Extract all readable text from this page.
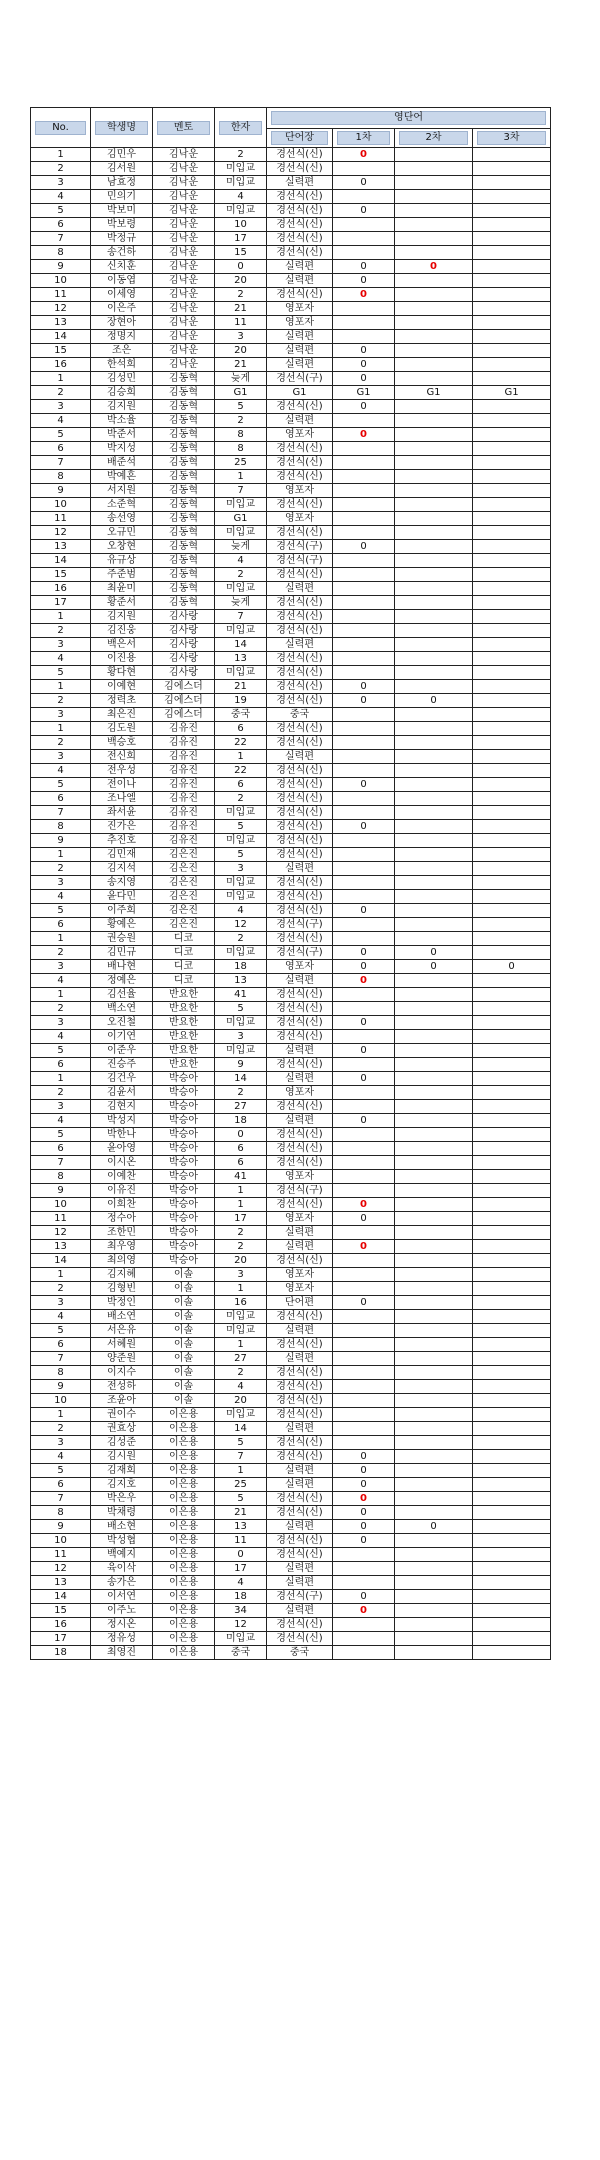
No.	학생명	멘토	한자	영단어			

				단어장	1차	2차	3차

1	김민우	김낙운	2	경선식(신)	0		
2	김서원	김낙운	미입교	경선식(신)			
3	남효정	김낙운	미입교	실력편	0		
4	민의기	김낙운	4	경선식(신)			
5	박보미	김낙운	미입교	경선식(신)	0		
6	박보령	김낙운	10	경선식(신)			
7	박정규	김낙운	17	경선식(신)			
8	송건하	김낙운	15	경선식(신)			
9	신치훈	김낙운	0	실력편	0	0	
10	이동엽	김낙운	20	실력편	0		
11	이세영	김낙운	2	경선식(신)	0		
12	이은주	김낙운	21	영포자			
13	장현아	김낙운	11	영포자			
14	정명지	김낙운	3	실력편			
15	조은	김낙운	20	실력편	0		
16	한석희	김낙운	21	실력편	0		
1	김성민	김동혁	늦게	경선식(구)	0		
2	김승희	김동혁	G1	G1	G1	G1	G1
3	김지원	김동혁	5	경선식(신)	0		
4	박소율	김동혁	2	실력편			
5	박준서	김동혁	8	영포자	0		
6	박지성	김동혁	8	경선식(신)			
7	배준석	김동혁	25	경선식(신)			
8	박예흔	김동혁	1	경선식(신)			
9	서지원	김동혁	7	영포자			
10	소준혁	김동혁	미입교	경선식(신)			
11	송선영	김동혁	G1	영포자			
12	오규민	김동혁	미입교	경선식(신)			
13	오창현	김동혁	늦게	경선식(구)	0		
14	유규상	김동혁	4	경선식(구)			
15	주준범	김동혁	2	경선식(신)			
16	최윤미	김동혁	미입교	실력편			
17	황준서	김동혁	늦게	경선식(신)			
1	김지원	김사랑	7	경선식(신)			
2	김진웅	김사랑	미입교	경선식(신)			
3	백은서	김사랑	14	실력편			
4	이진용	김사랑	13	경선식(신)			
5	황다현	김사랑	미입교	경선식(신)			
1	이예현	김에스더	21	경선식(신)	0		
2	정력초	김에스더	19	경선식(신)	0	0	
3	최은진	김에스더	중국	중국			
1	김도원	김유진	6	경선식(신)			
2	백승호	김유진	22	경선식(신)			
3	전신희	김유진	1	실력편			
4	전우성	김유진	22	경선식(신)			
5	전이나	김유진	6	경선식(신)	0		
6	조나엘	김유진	2	경선식(신)			
7	좌서윤	김유진	미입교	경선식(신)			
8	진가은	김유진	5	경선식(신)	0		
9	추진호	김유진	미입교	경선식(신)			
1	김민재	김은진	5	경선식(신)			
2	김지석	김은진	3	실력편			
3	송지영	김은진	미입교	경선식(신)			
4	윤다민	김은진	미입교	경선식(신)			
5	이주희	김은진	4	경선식(신)	0		
6	황예은	김은진	12	경선식(구)			
1	권승원	디코	2	경선식(신)			
2	김민규	디코	미입교	경선식(구)	0	0	
3	배나현	디코	18	영포자	0	0	0
4	정예은	디코	13	실력편	0		
1	김선율	반요한	41	경선식(신)			
2	백소연	반요한	5	경선식(신)			
3	오진철	반요한	미입교	경선식(신)	0		
4	이기연	반요한	3	경선식(신)			
5	이준우	반요한	미입교	실력편	0		
6	진승주	반요한	9	경선식(신)			
1	김건우	박승아	14	실력편	0		
2	김윤서	박승아	2	영포자			
3	김현지	박승아	27	경선식(신)			
4	박성지	박승아	18	실력편	0		
5	박한나	박승아	0	경선식(신)			
6	윤아영	박승아	6	경선식(신)			
7	이시온	박승아	6	경선식(신)			
8	이예찬	박승아	41	영포자			
9	이유진	박승아	1	경선식(구)			
10	이희찬	박승아	1	경선식(신)	0		
11	정수아	박승아	17	영포자	0		
12	조한민	박승아	2	실력편			
13	최우영	박승아	2	실력편	0		
14	최의영	박승아	20	경선식(신)			
1	김지혜	이솔	3	영포자			
2	김형빈	이솔	1	영포자			
3	박정인	이솔	16	단어편	0		
4	배소연	이솔	미입교	경선식(신)			
5	서은유	이솔	미입교	실력편			
6	서혜원	이솔	1	경선식(신)			
7	양준원	이솔	27	실력편			
8	이지수	이솔	2	경선식(신)			
9	전성하	이솔	4	경선식(신)			
10	조윤아	이솔	20	경선식(신)			
1	권이수	이은용	미입교	경선식(신)			
2	권효상	이은용	14	실력편			
3	김성준	이은용	5	경선식(신)			
4	김시원	이은용	7	경선식(신)	0		
5	김재희	이은용	1	실력편	0		
6	김지호	이은용	25	실력편	0		
7	박은우	이은용	5	경선식(신)	0		
8	박채령	이은용	21	경선식(신)	0		
9	배소현	이은용	13	실력편	0	0	
10	박성협	이은용	11	경선식(신)	0		
11	백예지	이은용	0	경선식(신)			
12	육이삭	이은용	17	실력편			
13	송가은	이은용	4	실력편			
14	이서연	이은용	18	경선식(구)	0		
15	이주노	이은용	34	실력편	0		
16	정시온	이은용	12	경선식(신)			
17	정유성	이은용	미입교	경선식(신)			
18	최영진	이은용	중국	중국			
